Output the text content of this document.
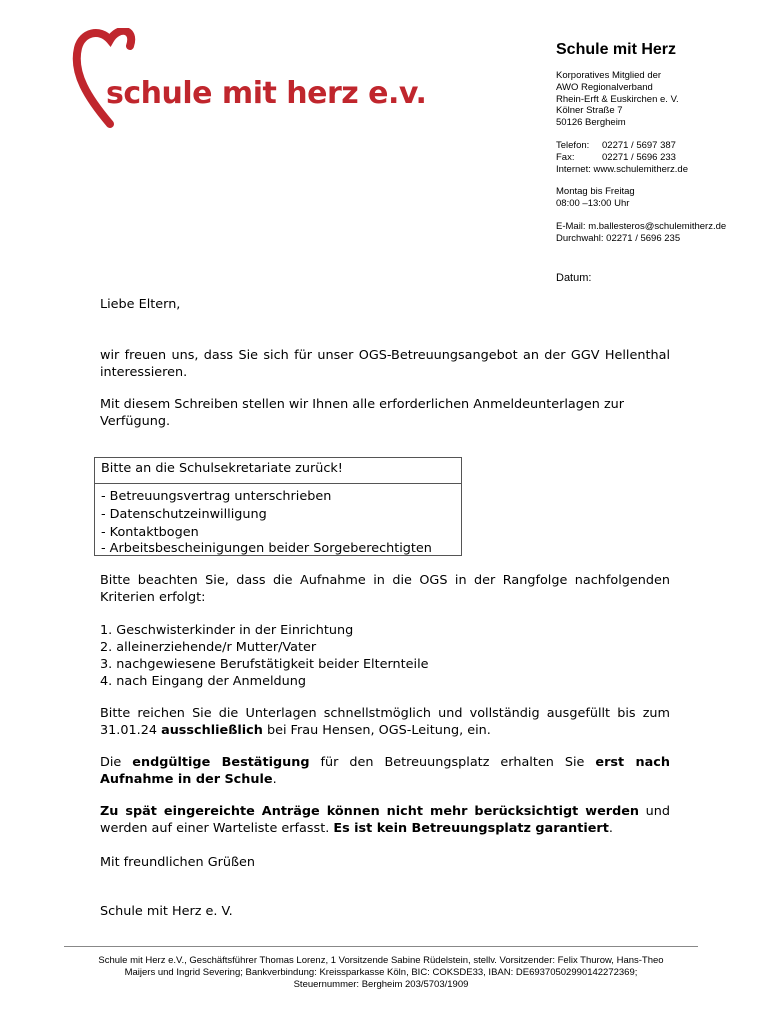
schule mit herz e.v.
Schule mit Herz
Korporatives Mitglied der
AWO Regionalverband
Rhein-Erft & Euskirchen e. V.
Kölner Straße 7
50126 Bergheim
Telefon: 02271 / 5697 387
Fax:	02271 / 5696 233
Internet: www.schulemitherz.de
Montag bis Freitag
08:00 –13:00 Uhr
E-Mail: m.ballesteros@schulemitherz.de
Durchwahl: 02271 / 5696 235
Datum:

Liebe Eltern,

wir freuen uns, dass Sie sich für unser OGS-Betreuungsangebot an der GGV Hellenthal interessieren.

Mit diesem Schreiben stellen wir Ihnen alle erforderlichen Anmeldeunterlagen zur Verfügung.

Bitte an die Schulsekretariate zurück!
- Betreuungsvertrag unterschrieben
- Datenschutzeinwilligung
- Kontaktbogen
- Arbeitsbescheinigungen beider Sorgeberechtigten

Bitte beachten Sie, dass die Aufnahme in die OGS in der Rangfolge nachfolgenden Kriterien erfolgt:

1. Geschwisterkinder in der Einrichtung
2. alleinerziehende/r Mutter/Vater
3. nachgewiesene Berufstätigkeit beider Elternteile
4. nach Eingang der Anmeldung

Bitte reichen Sie die Unterlagen schnellstmöglich und vollständig ausgefüllt bis zum 31.01.24 ausschließlich bei Frau Hensen, OGS-Leitung, ein.

Die endgültige Bestätigung für den Betreuungsplatz erhalten Sie erst nach Aufnahme in der Schule.

Zu spät eingereichte Anträge können nicht mehr berücksichtigt werden und werden auf einer Warteliste erfasst. Es ist kein Betreuungsplatz garantiert.

Mit freundlichen Grüßen

Schule mit Herz e. V.

Schule mit Herz e.V., Geschäftsführer Thomas Lorenz, 1 Vorsitzende Sabine Rüdelstein, stellv. Vorsitzender: Felix Thurow, Hans-Theo
Maijers und Ingrid Severing; Bankverbindung: Kreissparkasse Köln, BIC: COKSDE33, IBAN: DE69370502990142272369;
Steuernummer: Bergheim 203/5703/1909
